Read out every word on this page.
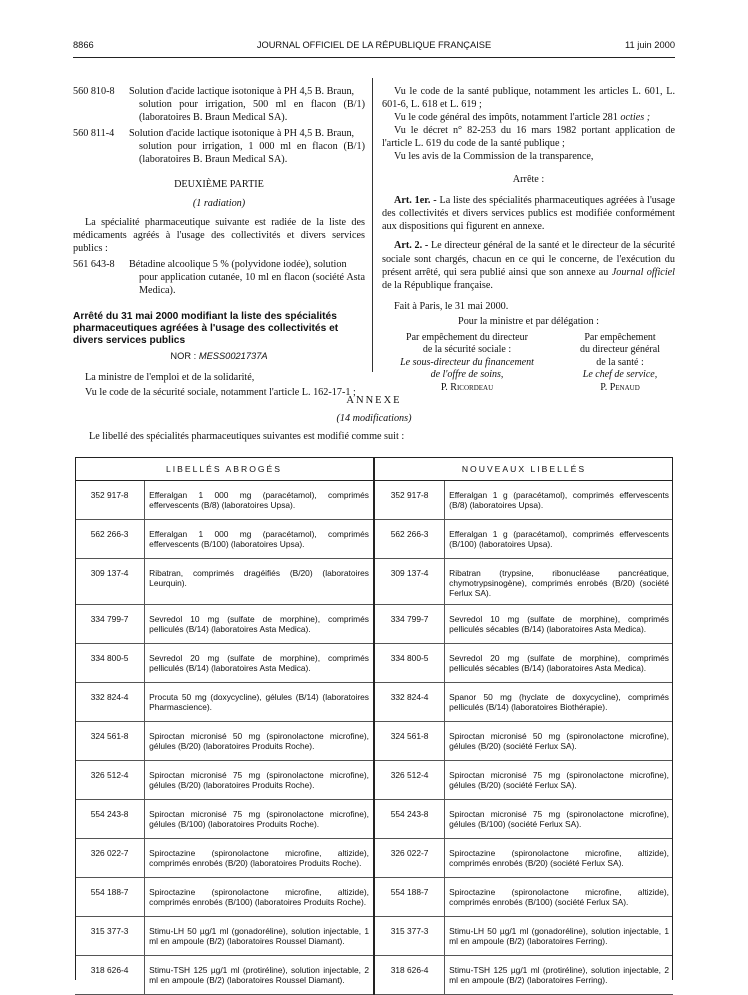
8866	JOURNAL OFFICIEL DE LA RÉPUBLIQUE FRANÇAISE	11 juin 2000
560 810-8	Solution d'acide lactique isotonique à PH 4,5 B. Braun,
solution pour irrigation, 500 ml en flacon (B/1) (laboratoires B. Braun Medical SA).
560 811-4	Solution d'acide lactique isotonique à PH 4,5 B. Braun,
solution pour irrigation, 1 000 ml en flacon (B/1) (laboratoires B. Braun Medical SA).

DEUXIÈME PARTIE

(1 radiation)

La spécialité pharmaceutique suivante est radiée de la liste des médicaments agréés à l'usage des collectivités et divers services publics :

561 643-8	Bétadine alcoolique 5 % (polyvidone iodée), solution
pour application cutanée, 10 ml en flacon (société Asta Medica).

Arrêté du 31 mai 2000 modifiant la liste des spécialités pharmaceutiques agréées à l'usage des collectivités et divers services publics

NOR : MESS0021737A

La ministre de l'emploi et de la solidarité,

Vu le code de la sécurité sociale, notamment l'article L. 162-17-1 ;

Vu le code de la santé publique, notamment les articles L. 601, L. 601-6, L. 618 et L. 619 ;

Vu le code général des impôts, notamment l'article 281 octies ;

Vu le décret n° 82-253 du 16 mars 1982 portant application de l'article L. 619 du code de la santé publique ;

Vu les avis de la Commission de la transparence,

Arrête :

Art. 1er. - La liste des spécialités pharmaceutiques agréées à l'usage des collectivités et divers services publics est modifiée conformément aux dispositions qui figurent en annexe.

Art. 2. - Le directeur général de la santé et le directeur de la sécurité sociale sont chargés, chacun en ce qui le concerne, de l'exécution du présent arrêté, qui sera publié ainsi que son annexe au Journal officiel de la République française.

Fait à Paris, le 31 mai 2000.

Pour la ministre et par délégation :

Par empêchement du directeur
de la sécurité sociale :
Le sous-directeur du financement
de l'offre de soins,
P. Ricordeau
Par empêchement
du directeur général
de la santé :
Le chef de service,
P. Penaud
ANNEXE
(14 modifications)
Le libellé des spécialités pharmaceutiques suivantes est modifié comme suit :
LIBELLÉS ABROGÉS		NOUVEAUX LIBELLÉS	
352 917-8	Efferalgan 1 000 mg (paracétamol), comprimés effervescents (B/8) (laboratoires Upsa).	352 917-8	Efferalgan 1 g (paracétamol), comprimés effervescents (B/8) (laboratoires Upsa).
562 266-3	Efferalgan 1 000 mg (paracétamol), comprimés effervescents (B/100) (laboratoires Upsa).	562 266-3	Efferalgan 1 g (paracétamol), comprimés effervescents (B/100) (laboratoires Upsa).
309 137-4	Ribatran, comprimés dragéifiés (B/20) (laboratoires Leurquin).	309 137-4	Ribatran (trypsine, ribonucléase pancréatique, chymotrypsinogène), comprimés enrobés (B/20) (société Ferlux SA).
334 799-7	Sevredol 10 mg (sulfate de morphine), comprimés pelliculés (B/14) (laboratoires Asta Medica).	334 799-7	Sevredol 10 mg (sulfate de morphine), comprimés pelliculés sécables (B/14) (laboratoires Asta Medica).
334 800-5	Sevredol 20 mg (sulfate de morphine), comprimés pelliculés (B/14) (laboratoires Asta Medica).	334 800-5	Sevredol 20 mg (sulfate de morphine), comprimés pelliculés sécables (B/14) (laboratoires Asta Medica).
332 824-4	Procuta 50 mg (doxycycline), gélules (B/14) (laboratoires Pharmascience).	332 824-4	Spanor 50 mg (hyclate de doxycycline), comprimés pelliculés (B/14) (laboratoires Biothérapie).
324 561-8	Spiroctan micronisé 50 mg (spironolactone microfine), gélules (B/20) (laboratoires Produits Roche).	324 561-8	Spiroctan micronisé 50 mg (spironolactone microfine), gélules (B/20) (société Ferlux SA).
326 512-4	Spiroctan micronisé 75 mg (spironolactone microfine), gélules (B/20) (laboratoires Produits Roche).	326 512-4	Spiroctan micronisé 75 mg (spironolactone microfine), gélules (B/20) (société Ferlux SA).
554 243-8	Spiroctan micronisé 75 mg (spironolactone microfine), gélules (B/100) (laboratoires Produits Roche).	554 243-8	Spiroctan micronisé 75 mg (spironolactone microfine), gélules (B/100) (société Ferlux SA).
326 022-7	Spiroctazine (spironolactone microfine, altizide), comprimés enrobés (B/20) (laboratoires Produits Roche).	326 022-7	Spiroctazine (spironolactone microfine, altizide), comprimés enrobés (B/20) (société Ferlux SA).
554 188-7	Spiroctazine (spironolactone microfine, altizide), comprimés enrobés (B/100) (laboratoires Produits Roche).	554 188-7	Spiroctazine (spironolactone microfine, altizide), comprimés enrobés (B/100) (société Ferlux SA).
315 377-3	Stimu-LH 50 µg/1 ml (gonadoréline), solution injectable, 1 ml en ampoule (B/2) (laboratoires Roussel Diamant).	315 377-3	Stimu-LH 50 µg/1 ml (gonadoréline), solution injectable, 1 ml en ampoule (B/2) (laboratoires Ferring).
318 626-4	Stimu-TSH 125 µg/1 ml (protiréline), solution injectable, 2 ml en ampoule (B/2) (laboratoires Roussel Diamant).	318 626-4	Stimu-TSH 125 µg/1 ml (protiréline), solution injectable, 2 ml en ampoule (B/2) (laboratoires Ferring).
